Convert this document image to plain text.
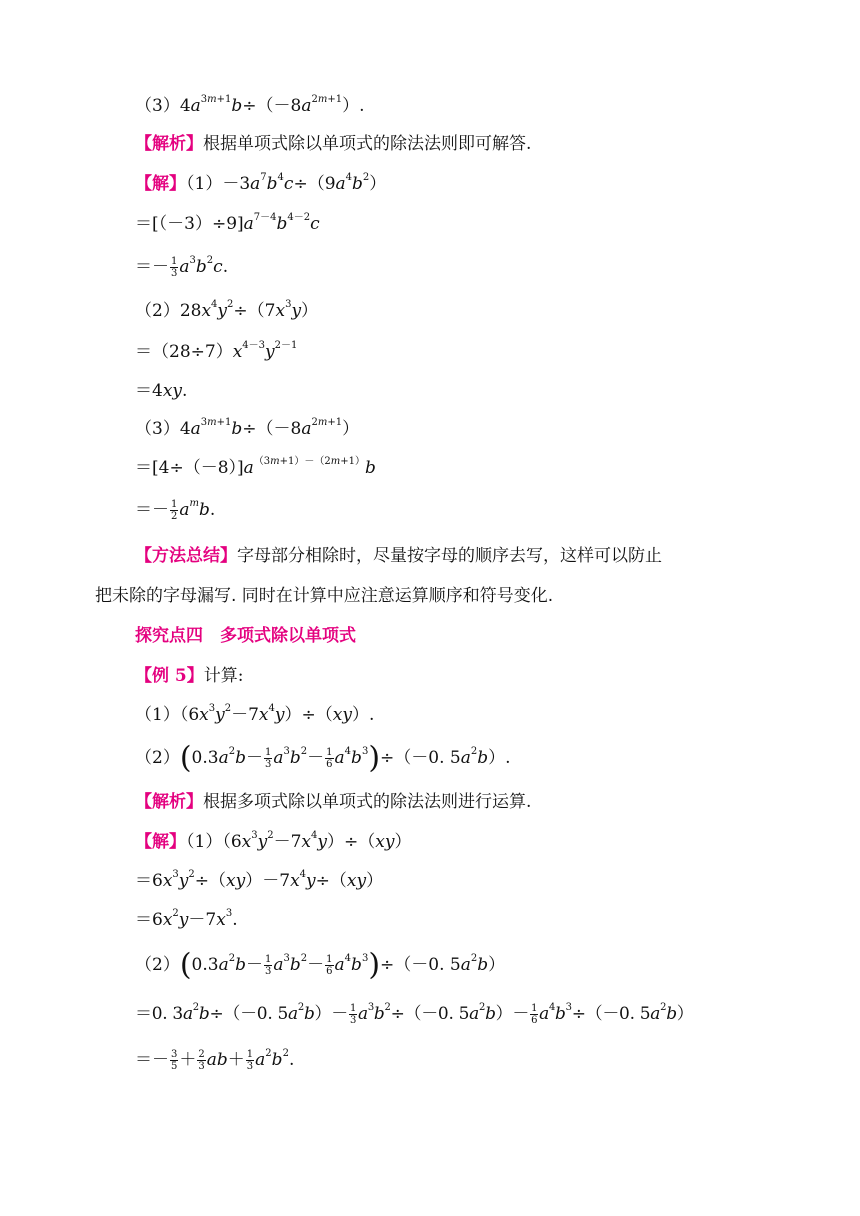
$(3)4a^{3m+1}b\div(-8a^{2m+1})$.
【解析】根据单项式除以单项式的除法法则即可解答.
【解】$(1)-3a^7b^4c\div(9a^4b^2)$
$=[(-3)\div 9]a^{7-4}b^{4-2}c$
＝－ $\frac{1}{3} a^3b^2c$.
$(2)28x^4y^2\div(7x^3y)$
$=(28\div 7)x^{4-3}y^{2-1}$
＝4xy.
$(3)4a^{3m+1}b\div(-8a^{2m+1})$
$=[4\div(-8)]a^{(3m+1)-(2m+1)}b$
＝－ $\frac{1}{2} a^mb$.
【方法总结】字母部分相除时，尽量按字母的顺序去写，这样可以防止
把未除的字母漏写. 同时在计算中应注意运算顺序和符号变化.
探究点四　多项式除以单项式
【例 5】计算:
$(1)(6x^3y^2-7x^4y)\div(xy)$.
$(2)(0.3a^2b- \frac{1}{3} a^3b^2- \frac{1}{6} a^4b^3)\div(-0$. $5a^2b$）.
【解析】根据多项式除以单项式的除法法则进行运算.
【解】$(1)(6x^3y^2-7x^4y)\div(xy)$
$=6x^3y^2\div(xy)-7x^4y\div(xy)$
$=6x^2y-7x^3$.
$(2)(0.3a^2b- \frac{1}{3} a^3b^2- \frac{1}{6} a^4b^3)\div(-0$. $5a^2b$）
＝0. $3a^2b\div(-0$. $5a^2b)- \frac{1}{3} a^3b^2\div(-0$. $5a^2b)- \frac{1}{6} a^4b^3\div(-0$. $5a^2b$）
＝－ $\frac{3}{5} + \frac{2}{3} ab+ \frac{1}{3} a^2b^2$.
